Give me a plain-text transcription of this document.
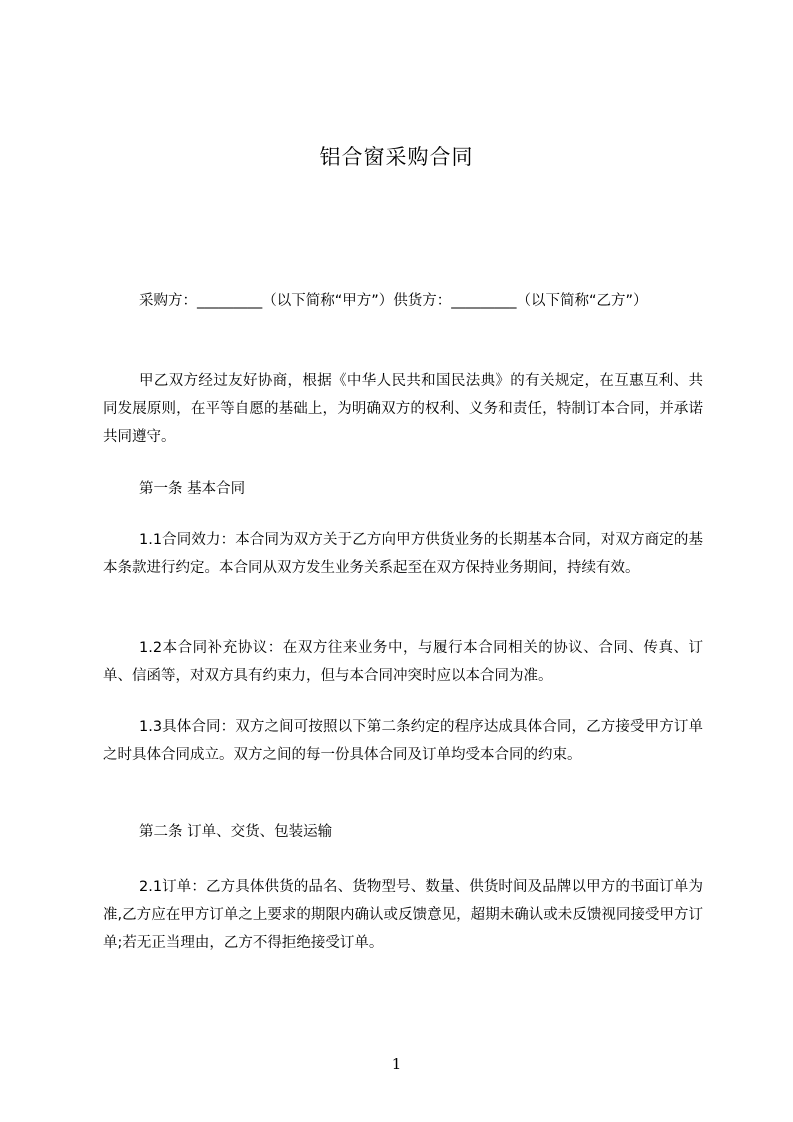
铝合窗采购合同

采购方：_________（以下简称“甲方”）供货方：_________（以下简称“乙方”）

甲乙双方经过友好协商，根据《中华人民共和国民法典》的有关规定，在互惠互利、共同发展原则，在平等自愿的基础上，为明确双方的权利、义务和责任，特制订本合同，并承诺共同遵守。

第一条 基本合同

1.1合同效力：本合同为双方关于乙方向甲方供货业务的长期基本合同，对双方商定的基本条款进行约定。本合同从双方发生业务关系起至在双方保持业务期间，持续有效。

1.2本合同补充协议：在双方往来业务中，与履行本合同相关的协议、合同、传真、订单、信函等，对双方具有约束力，但与本合同冲突时应以本合同为准。

1.3具体合同：双方之间可按照以下第二条约定的程序达成具体合同，乙方接受甲方订单之时具体合同成立。双方之间的每一份具体合同及订单均受本合同的约束。

第二条 订单、交货、包装运输

2.1订单：乙方具体供货的品名、货物型号、数量、供货时间及品牌以甲方的书面订单为准,乙方应在甲方订单之上要求的期限内确认或反馈意见，超期未确认或未反馈视同接受甲方订单;若无正当理由，乙方不得拒绝接受订单。

1
